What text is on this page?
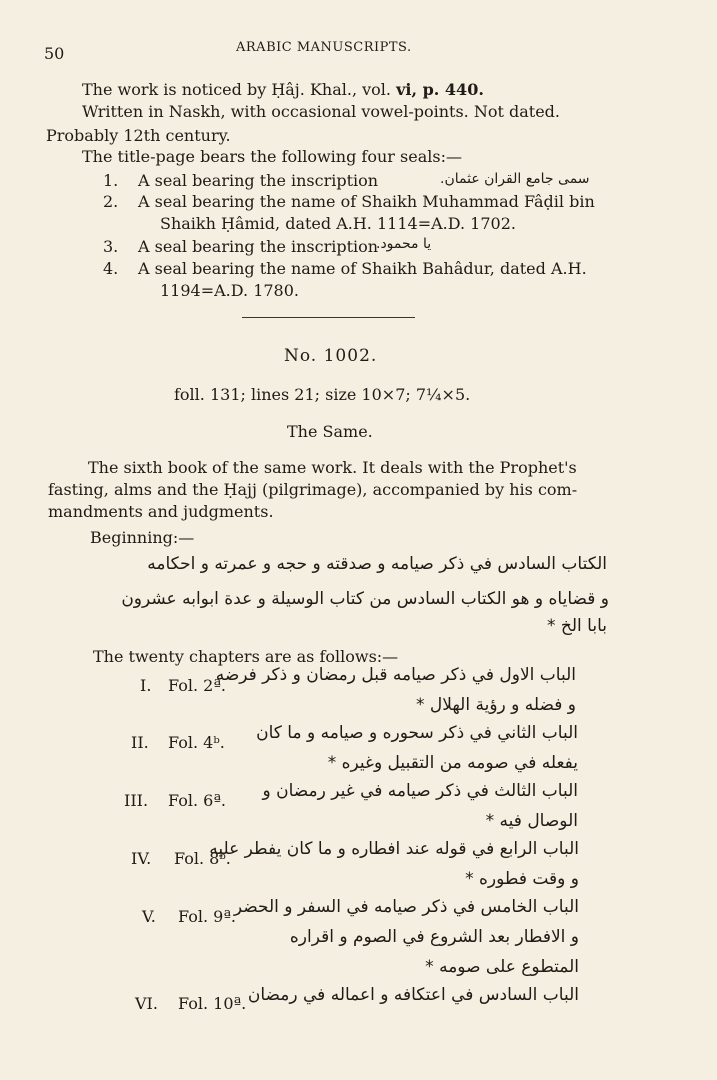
50	ARABIC MANUSCRIPTS.
The work is noticed by Ḥâj. Khal., vol. vi, p. 440.
Written in Naskh, with occasional vowel-points. Not dated.
Probably 12th century.
The title-page bears the following four seals:—
1. A seal bearing the inscription	سمی جامع القران عثمان.
2. A seal bearing the name of Shaikh Muhammad Fâḍil bin
Shaikh Ḥâmid, dated A.H. 1114=A.D. 1702.
3. A seal bearing the inscription
یا محمود.
4. A seal bearing the name of Shaikh Bahâdur, dated A.H.
1194=A.D. 1780.
No. 1002.
foll. 131; lines 21; size 10×7; 7¼×5.
The Same.
The sixth book of the same work. It deals with the Prophet's
fasting, alms and the Ḥajj (pilgrimage), accompanied by his com-
mandments and judgments.
Beginning:—
الکتاب السادس في ذکر صیامه و صدقته و حجه و عمرته و احکامه
و قضایاه و هو الکتاب السادس من کتاب الوسیلة و عدة ابوابه عشرون
بابا الخ *
The twenty chapters are as follows:—
I. Fol. 2ª.
الباب الاول في ذکر صیامه قبل رمضان و ذکر فرضه
و فضله و رؤیة الهلال *
II. Fol. 4ᵇ. الباب الثاني في ذکر سحوره و صیامه و ما کان
یفعله في صومه من التقبیل وغیره *
III. Fol. 6ª. الباب الثالث في ذکر صیامه في غیر رمضان و
الوصال فیه *
IV. Fol. 8ᵇ.
الباب الرابع في قوله عند افطاره و ما کان یفطر علیه
و وقت فطوره *
V. Fol. 9ª.
الباب الخامس في ذکر صیامه في السفر و الحضر
و الافطار بعد الشروع في الصوم و اقراره
المتطوع علی صومه *
VI. Fol. 10ª. الباب السادس في اعتکافه و اعماله في رمضان
